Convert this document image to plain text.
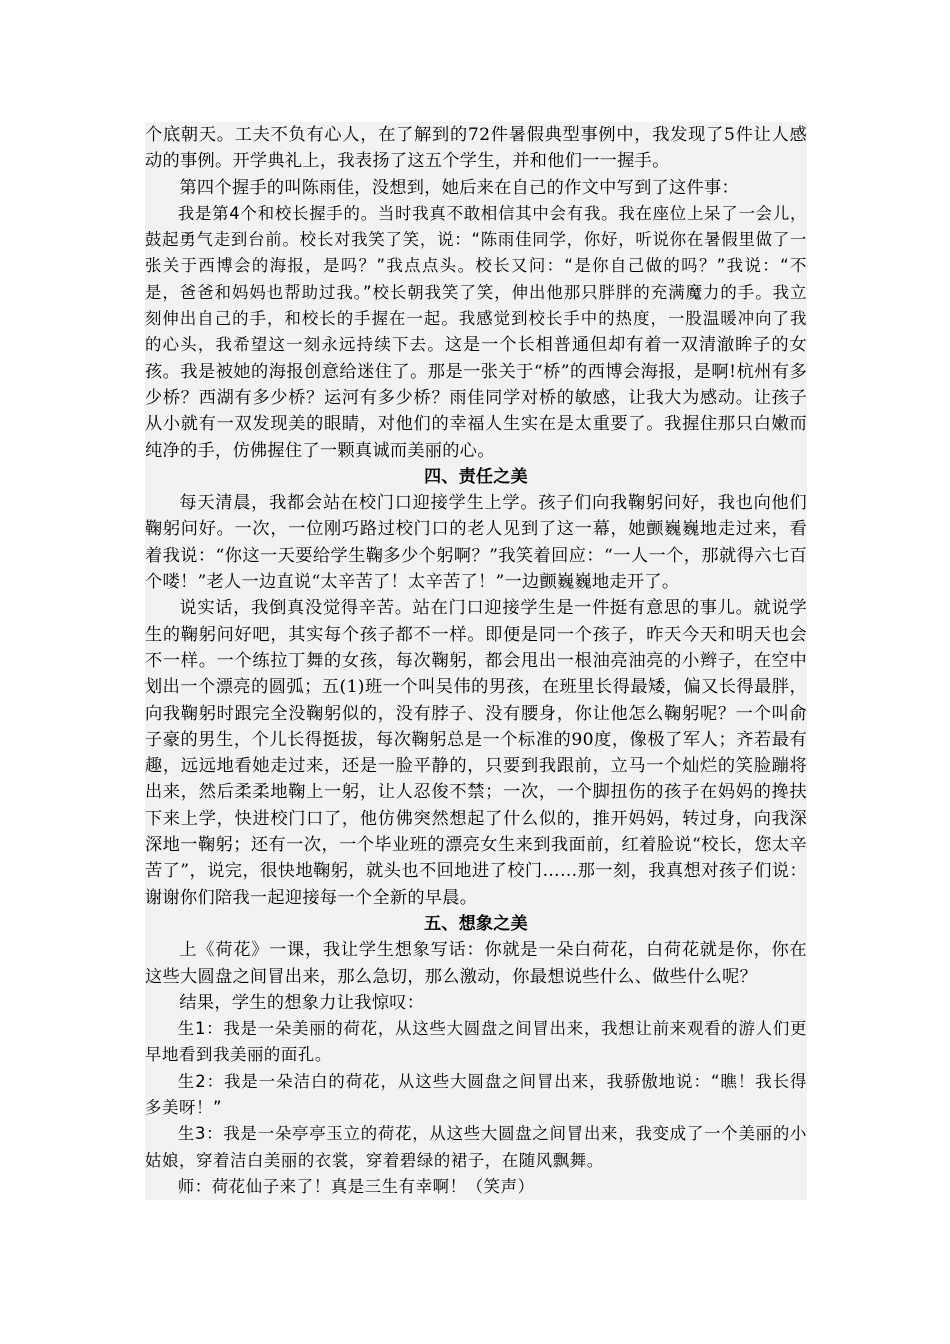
个底朝天。工夫不负有心人，在了解到的72件暑假典型事例中，我发现了5件让人感动的事例。开学典礼上，我表扬了这五个学生，并和他们一一握手。

第四个握手的叫陈雨佳，没想到，她后来在自己的作文中写到了这件事：

我是第4个和校长握手的。当时我真不敢相信其中会有我。我在座位上呆了一会儿，鼓起勇气走到台前。校长对我笑了笑，说：“陈雨佳同学，你好，听说你在暑假里做了一张关于西博会的海报，是吗？”我点点头。校长又问：“是你自己做的吗？”我说：“不是，爸爸和妈妈也帮助过我。”校长朝我笑了笑，伸出他那只胖胖的充满魔力的手。我立刻伸出自己的手，和校长的手握在一起。我感觉到校长手中的热度，一股温暖冲向了我的心头，我希望这一刻永远持续下去。这是一个长相普通但却有着一双清澈眸子的女孩。我是被她的海报创意给迷住了。那是一张关于“桥”的西博会海报，是啊!杭州有多少桥？西湖有多少桥？运河有多少桥？雨佳同学对桥的敏感，让我大为感动。让孩子从小就有一双发现美的眼睛，对他们的幸福人生实在是太重要了。我握住那只白嫩而纯净的手，仿佛握住了一颗真诚而美丽的心。

四、责任之美

每天清晨，我都会站在校门口迎接学生上学。孩子们向我鞠躬问好，我也向他们鞠躬问好。一次，一位刚巧路过校门口的老人见到了这一幕，她颤巍巍地走过来，看着我说：“你这一天要给学生鞠多少个躬啊？”我笑着回应：“一人一个，那就得六七百个喽！”老人一边直说“太辛苦了！太辛苦了！”一边颤巍巍地走开了。

说实话，我倒真没觉得辛苦。站在门口迎接学生是一件挺有意思的事儿。就说学生的鞠躬问好吧，其实每个孩子都不一样。即便是同一个孩子，昨天今天和明天也会不一样。一个练拉丁舞的女孩，每次鞠躬，都会甩出一根油亮油亮的小辫子，在空中划出一个漂亮的圆弧；五(1)班一个叫吴伟的男孩，在班里长得最矮，偏又长得最胖，向我鞠躬时跟完全没鞠躬似的，没有脖子、没有腰身，你让他怎么鞠躬呢？一个叫俞子豪的男生，个儿长得挺拔，每次鞠躬总是一个标准的90度，像极了军人；齐若最有趣，远远地看她走过来，还是一脸平静的，只要到我跟前，立马一个灿烂的笑脸蹦将出来，然后柔柔地鞠上一躬，让人忍俊不禁；一次，一个脚扭伤的孩子在妈妈的搀扶下来上学，快进校门口了，他仿佛突然想起了什么似的，推开妈妈，转过身，向我深深地一鞠躬；还有一次，一个毕业班的漂亮女生来到我面前，红着脸说“校长，您太辛苦了”，说完，很快地鞠躬，就头也不回地进了校门……那一刻，我真想对孩子们说：谢谢你们陪我一起迎接每一个全新的早晨。

五、想象之美

上《荷花》一课，我让学生想象写话：你就是一朵白荷花，白荷花就是你，你在这些大圆盘之间冒出来，那么急切，那么激动，你最想说些什么、做些什么呢？

结果，学生的想象力让我惊叹：

生1：我是一朵美丽的荷花，从这些大圆盘之间冒出来，我想让前来观看的游人们更早地看到我美丽的面孔。

生2：我是一朵洁白的荷花，从这些大圆盘之间冒出来，我骄傲地说：“瞧！我长得多美呀！”

生3：我是一朵亭亭玉立的荷花，从这些大圆盘之间冒出来，我变成了一个美丽的小姑娘，穿着洁白美丽的衣裳，穿着碧绿的裙子，在随风飘舞。

师：荷花仙子来了！真是三生有幸啊！（笑声）
